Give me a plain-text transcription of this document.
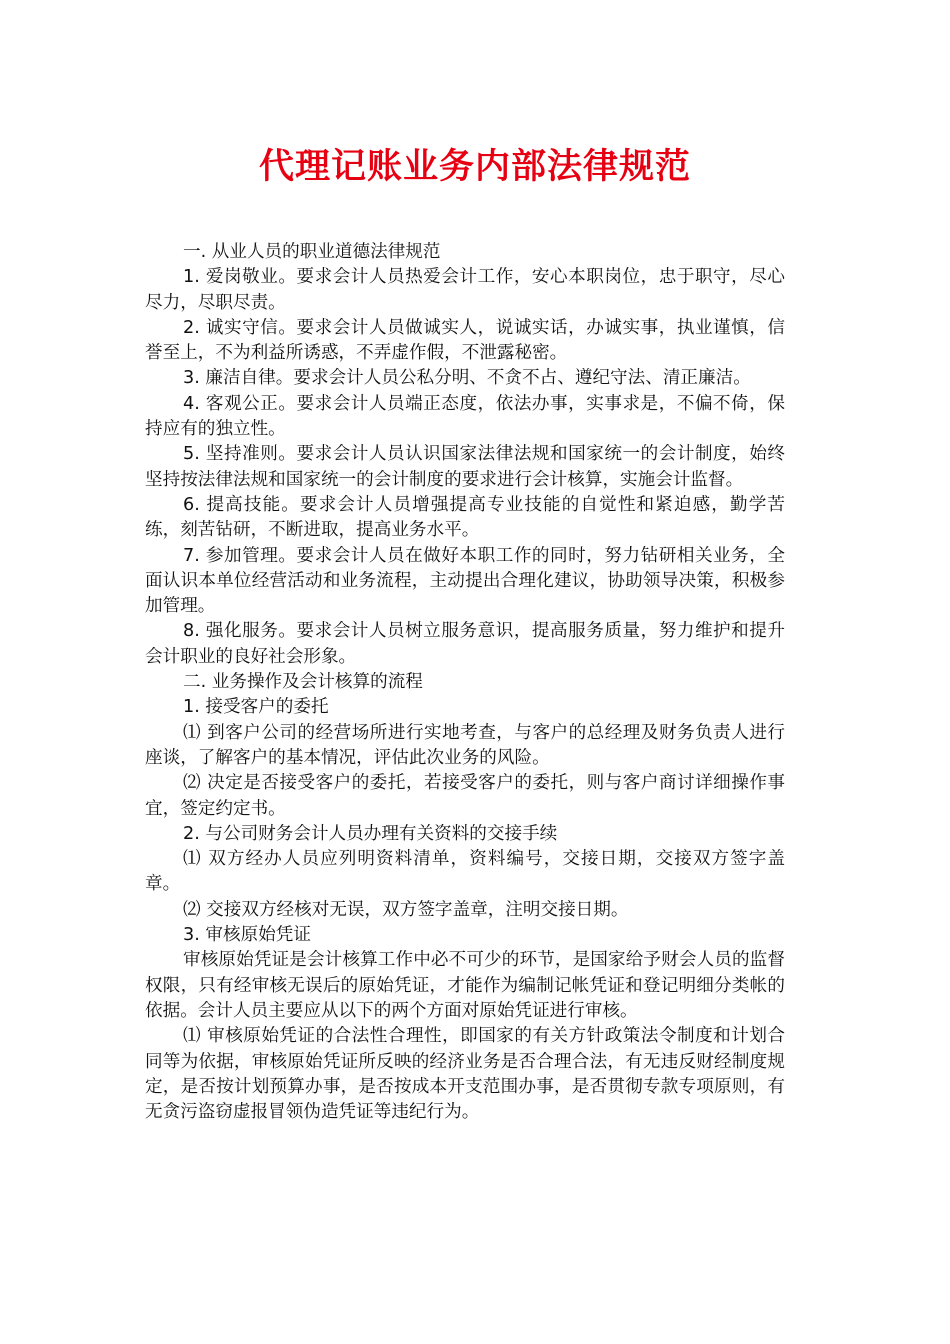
代理记账业务内部法律规范

一. 从业人员的职业道德法律规范

1. 爱岗敬业。要求会计人员热爱会计工作，安心本职岗位，忠于职守，尽心尽力，尽职尽责。

2. 诚实守信。要求会计人员做诚实人，说诚实话，办诚实事，执业谨慎，信誉至上，不为利益所诱惑，不弄虚作假，不泄露秘密。

3. 廉洁自律。要求会计人员公私分明、不贪不占、遵纪守法、清正廉洁。

4. 客观公正。要求会计人员端正态度，依法办事，实事求是，不偏不倚，保持应有的独立性。

5. 坚持准则。要求会计人员认识国家法律法规和国家统一的会计制度，始终坚持按法律法规和国家统一的会计制度的要求进行会计核算，实施会计监督。

6. 提高技能。要求会计人员增强提高专业技能的自觉性和紧迫感，勤学苦练，刻苦钻研，不断进取，提高业务水平。

7. 参加管理。要求会计人员在做好本职工作的同时，努力钻研相关业务，全面认识本单位经营活动和业务流程，主动提出合理化建议，协助领导决策，积极参加管理。

8. 强化服务。要求会计人员树立服务意识，提高服务质量，努力维护和提升会计职业的良好社会形象。

二. 业务操作及会计核算的流程

1. 接受客户的委托

⑴ 到客户公司的经营场所进行实地考查，与客户的总经理及财务负责人进行座谈，了解客户的基本情况，评估此次业务的风险。

⑵ 决定是否接受客户的委托，若接受客户的委托，则与客户商讨详细操作事宜，签定约定书。

2. 与公司财务会计人员办理有关资料的交接手续

⑴ 双方经办人员应列明资料清单，资料编号，交接日期，交接双方签字盖章。

⑵ 交接双方经核对无误，双方签字盖章，注明交接日期。

3. 审核原始凭证

审核原始凭证是会计核算工作中必不可少的环节，是国家给予财会人员的监督权限，只有经审核无误后的原始凭证，才能作为编制记帐凭证和登记明细分类帐的依据。会计人员主要应从以下的两个方面对原始凭证进行审核。

⑴ 审核原始凭证的合法性合理性，即国家的有关方针政策法令制度和计划合同等为依据，审核原始凭证所反映的经济业务是否合理合法，有无违反财经制度规定，是否按计划预算办事，是否按成本开支范围办事，是否贯彻专款专项原则，有无贪污盗窃虚报冒领伪造凭证等违纪行为。
